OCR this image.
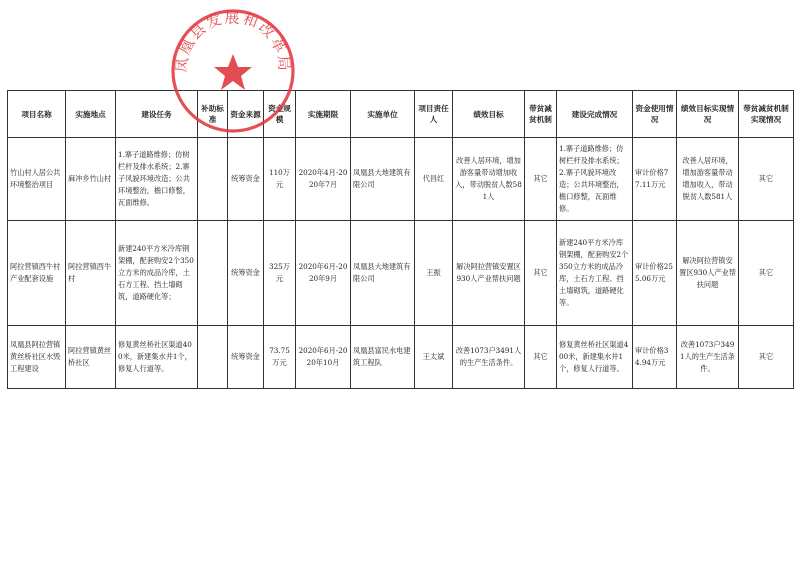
项目名称	实施地点	建设任务	补助标准	资金来源	资金规模	实施期限	实施单位	项目责任人	绩效目标	带贫减贫机制	建设完成情况	资金使用情况	绩效目标实现情况	带贫减贫机制实现情况
竹山村人居公共环境整治项目	麻冲乡竹山村	1.寨子道路维修；仿树栏杆及排水系统；2.寨子风貌环境改造；公共环境整治，檐口修整，瓦面维修。		统筹资金	110万元	2020年4月-2020年7月	凤凰县大地建筑有限公司	代昌红	改善人居环境，增加游客量带动增加收入，带动脱贫人数581人	其它	1.寨子道路维修；仿树栏杆及排水系统；2.寨子风貌环境改造；公共环境整治，檐口修整，瓦面维修。	审计价格77.11万元	改善人居环境，增加游客量带动增加收入，带动脱贫人数581人	其它
阿拉营镇西牛村产业配套设施	阿拉营镇西牛村	新建240平方米冷库钢架棚，配套购安2个350立方米的成品冷库，土石方工程、挡土墙砌筑，道路硬化等；		统筹资金	325万元	2020年6月-2020年9月	凤凰县大地建筑有限公司	王振	解决阿拉营镇安置区930人产业帮扶问题	其它	新建240平方米冷库钢架棚，配套购安2个350立方米的成品冷库，土石方工程、挡土墙砌筑，道路硬化等。	审计价格255.06万元	解决阿拉营镇安置区930人产业帮扶问题	其它
凤凰县阿拉营镇黄丝桥社区水毁工程建设	阿拉营镇黄丝桥社区	修复黄丝桥社区渠道400米，新建集水井1个，修复人行道等。		统筹资金	73.75万元	2020年6月-2020年10月	凤凰县富民水电建筑工程队	王太斌	改善1073户3491人的生产生活条件。	其它	修复黄丝桥社区渠道400米，新建集水井1个，修复人行道等。	审计价格34.94万元	改善1073户3491人的生产生活条件。	其它
凤凰县发展和改革局
